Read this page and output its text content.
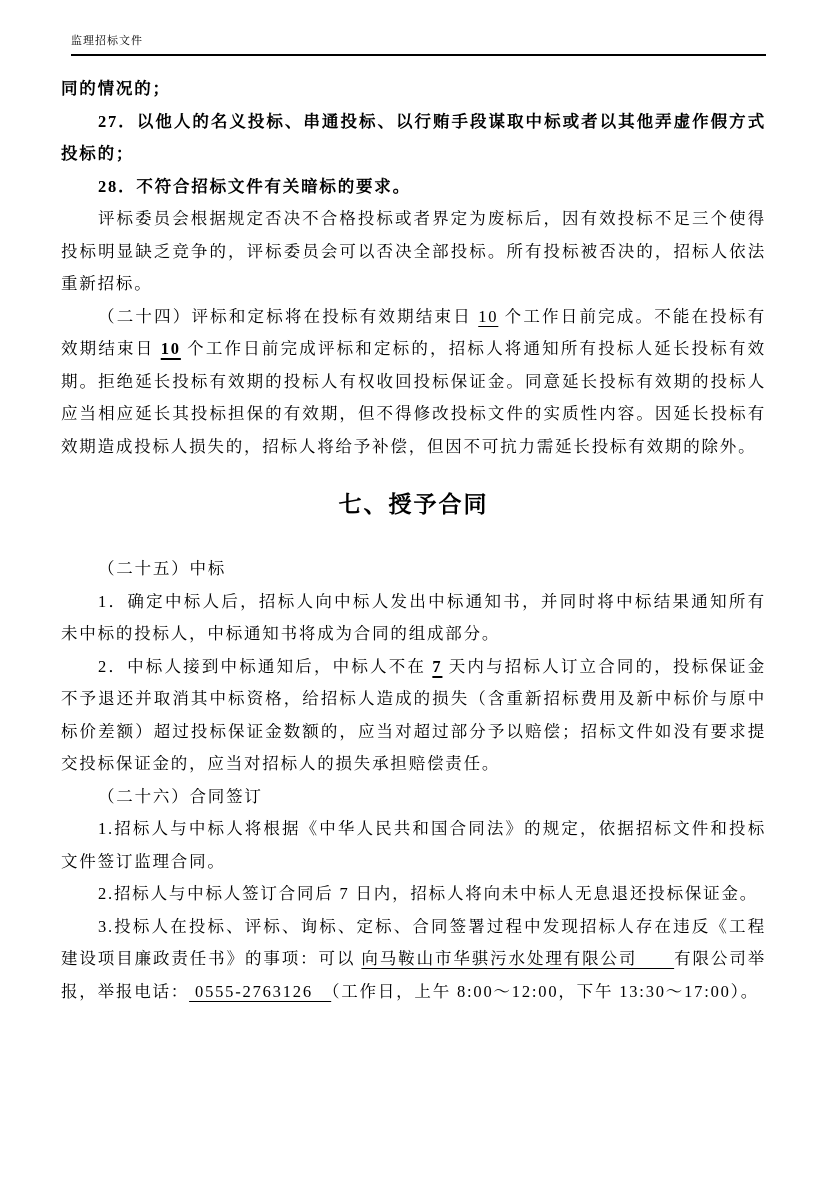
监理招标文件

同的情况的；

27．以他人的名义投标、串通投标、以行贿手段谋取中标或者以其他弄虚作假方式投标的；

28．不符合招标文件有关暗标的要求。

评标委员会根据规定否决不合格投标或者界定为废标后，因有效投标不足三个使得投标明显缺乏竞争的，评标委员会可以否决全部投标。所有投标被否决的，招标人依法重新招标。

（二十四）评标和定标将在投标有效期结束日 10 个工作日前完成。不能在投标有效期结束日 10 个工作日前完成评标和定标的，招标人将通知所有投标人延长投标有效期。拒绝延长投标有效期的投标人有权收回投标保证金。同意延长投标有效期的投标人应当相应延长其投标担保的有效期，但不得修改投标文件的实质性内容。因延长投标有效期造成投标人损失的，招标人将给予补偿，但因不可抗力需延长投标有效期的除外。

七、授予合同

（二十五）中标

1．确定中标人后，招标人向中标人发出中标通知书，并同时将中标结果通知所有未中标的投标人，中标通知书将成为合同的组成部分。

2．中标人接到中标通知后，中标人不在 7 天内与招标人订立合同的，投标保证金不予退还并取消其中标资格，给招标人造成的损失（含重新招标费用及新中标价与原中标价差额）超过投标保证金数额的，应当对超过部分予以赔偿；招标文件如没有要求提交投标保证金的，应当对招标人的损失承担赔偿责任。

（二十六）合同签订

1.招标人与中标人将根据《中华人民共和国合同法》的规定，依据招标文件和投标文件签订监理合同。

2.招标人与中标人签订合同后 7 日内，招标人将向未中标人无息退还投标保证金。

3.投标人在投标、评标、询标、定标、合同签署过程中发现招标人存在违反《工程建设项目廉政责任书》的事项：可以 向马鞍山市华骐污水处理有限公司　　有限公司举报，举报电话： 0555-2763126　（工作日，上午 8:00～12:00，下午 13:30～17:00）。
